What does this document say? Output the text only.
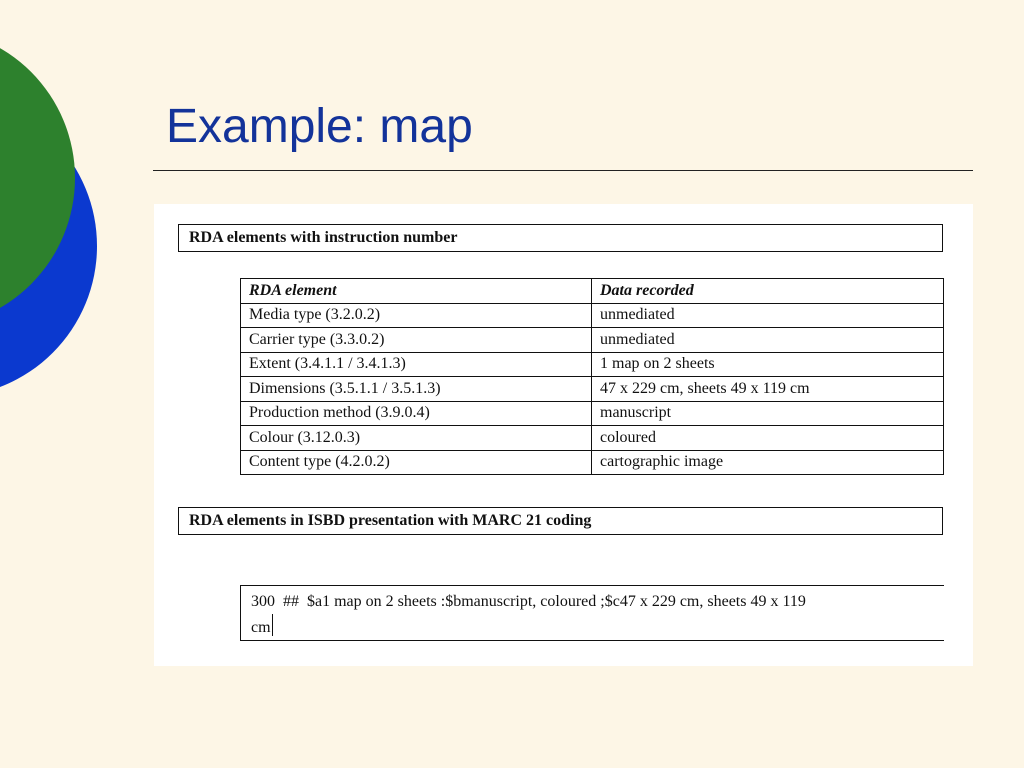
Example: map
RDA elements with instruction number
RDA element	Data recorded
Media type (3.2.0.2)	unmediated
Carrier type (3.3.0.2)	unmediated
Extent (3.4.1.1 / 3.4.1.3)	1 map on 2 sheets
Dimensions (3.5.1.1 / 3.5.1.3)	47 x 229 cm, sheets 49 x 119 cm
Production method (3.9.0.4)	manuscript
Colour (3.12.0.3)	coloured
Content type (4.2.0.2)	cartographic image
RDA elements in ISBD presentation with MARC 21 coding
300  ##  $a1 map on 2 sheets :$bmanuscript, coloured ;$c47 x 229 cm, sheets 49 x 119
cm
